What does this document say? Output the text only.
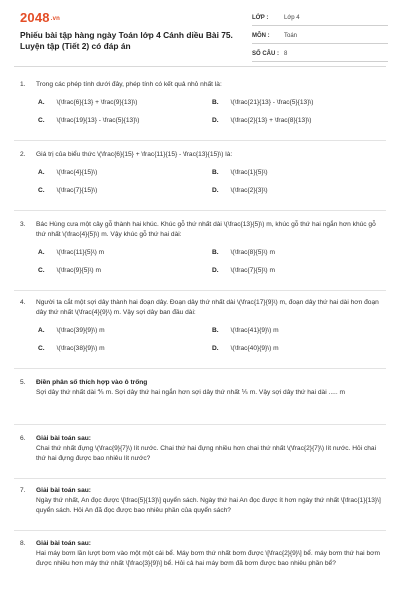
2048.vn
Phiếu bài tập hàng ngày Toán lớp 4 Cánh diều Bài 75. Luyện tập (Tiết 2) có đáp án
LỚP :	Lớp 4
MÔN : Toán
SỐ CÂU : 8
1.	Trong các phép tính dưới đây, phép tính có kết quả nhỏ nhất là:
A. \(\frac{6}{13} + \frac{9}{13}\)	B. \(\frac{21}{13} - \frac{5}{13}\)
C. \(\frac{19}{13} - \frac{5}{13}\)	D. \(\frac{2}{13} + \frac{8}{13}\)
2.	Giá trị của biểu thức \(\frac{6}{15} + \frac{11}{15} - \frac{13}{15}\) là:
A. \(\frac{4}{15}\)	B. \(\frac{1}{5}\)
C. \(\frac{7}{15}\)	D. \(\frac{2}{3}\)
3.	Bác Hùng cưa một cây gỗ thành hai khúc. Khúc gỗ thứ nhất dài \(\frac{13}{5}\) m, khúc gỗ thứ hai ngắn hơn khúc gỗ thứ nhất \(\frac{4}{5}\) m. Vậy khúc gỗ thứ hai dài:
A. \(\frac{11}{5}\) m	B. \(\frac{8}{5}\) m
C. \(\frac{9}{5}\) m	D. \(\frac{7}{5}\) m
4.	Người ta cắt một sợi dây thành hai đoạn dây. Đoạn dây thứ nhất dài \(\frac{17}{9}\) m, đoạn dây thứ hai dài hơn đoạn dây thứ nhất \(\frac{4}{9}\) m. Vậy sợi dây ban đầu dài:
A. \(\frac{39}{9}\) m	B. \(\frac{41}{9}\) m
C. \(\frac{38}{9}\) m	D. \(\frac{40}{9}\) m
5.	Điền phân số thích hợp vào ô trống
Sợi dây thứ nhất dài ⅘ m. Sợi dây thứ hai ngắn hơn sợi dây thứ nhất ⅕ m. Vậy sợi dây thứ hai dài ..... m
6.	Giải bài toán sau:
Chai thứ nhất đựng \(\frac{9}{7}\) lít nước. Chai thứ hai đựng nhiều hơn chai thứ nhất \(\frac{2}{7}\) lít nước. Hỏi chai thứ hai đựng được bao nhiêu lít nước?
7.	Giải bài toán sau:
Ngày thứ nhất, An đọc được \[\frac{5}{13}\] quyển sách. Ngày thứ hai An đọc được ít hơn ngày thứ nhất \[\frac{1}{13}\] quyển sách. Hỏi An đã đọc được bao nhiêu phần của quyển sách?
8.	Giải bài toán sau:
Hai máy bơm lần lượt bơm vào một một cái bể. Máy bơm thứ nhất bơm được \[\frac{2}{9}\] bể. máy bơm thứ hai bơm được nhiều hơn máy thứ nhất \[\frac{3}{9}\] bể. Hỏi cả hai máy bơm đã bơm được bao nhiêu phần bể?
